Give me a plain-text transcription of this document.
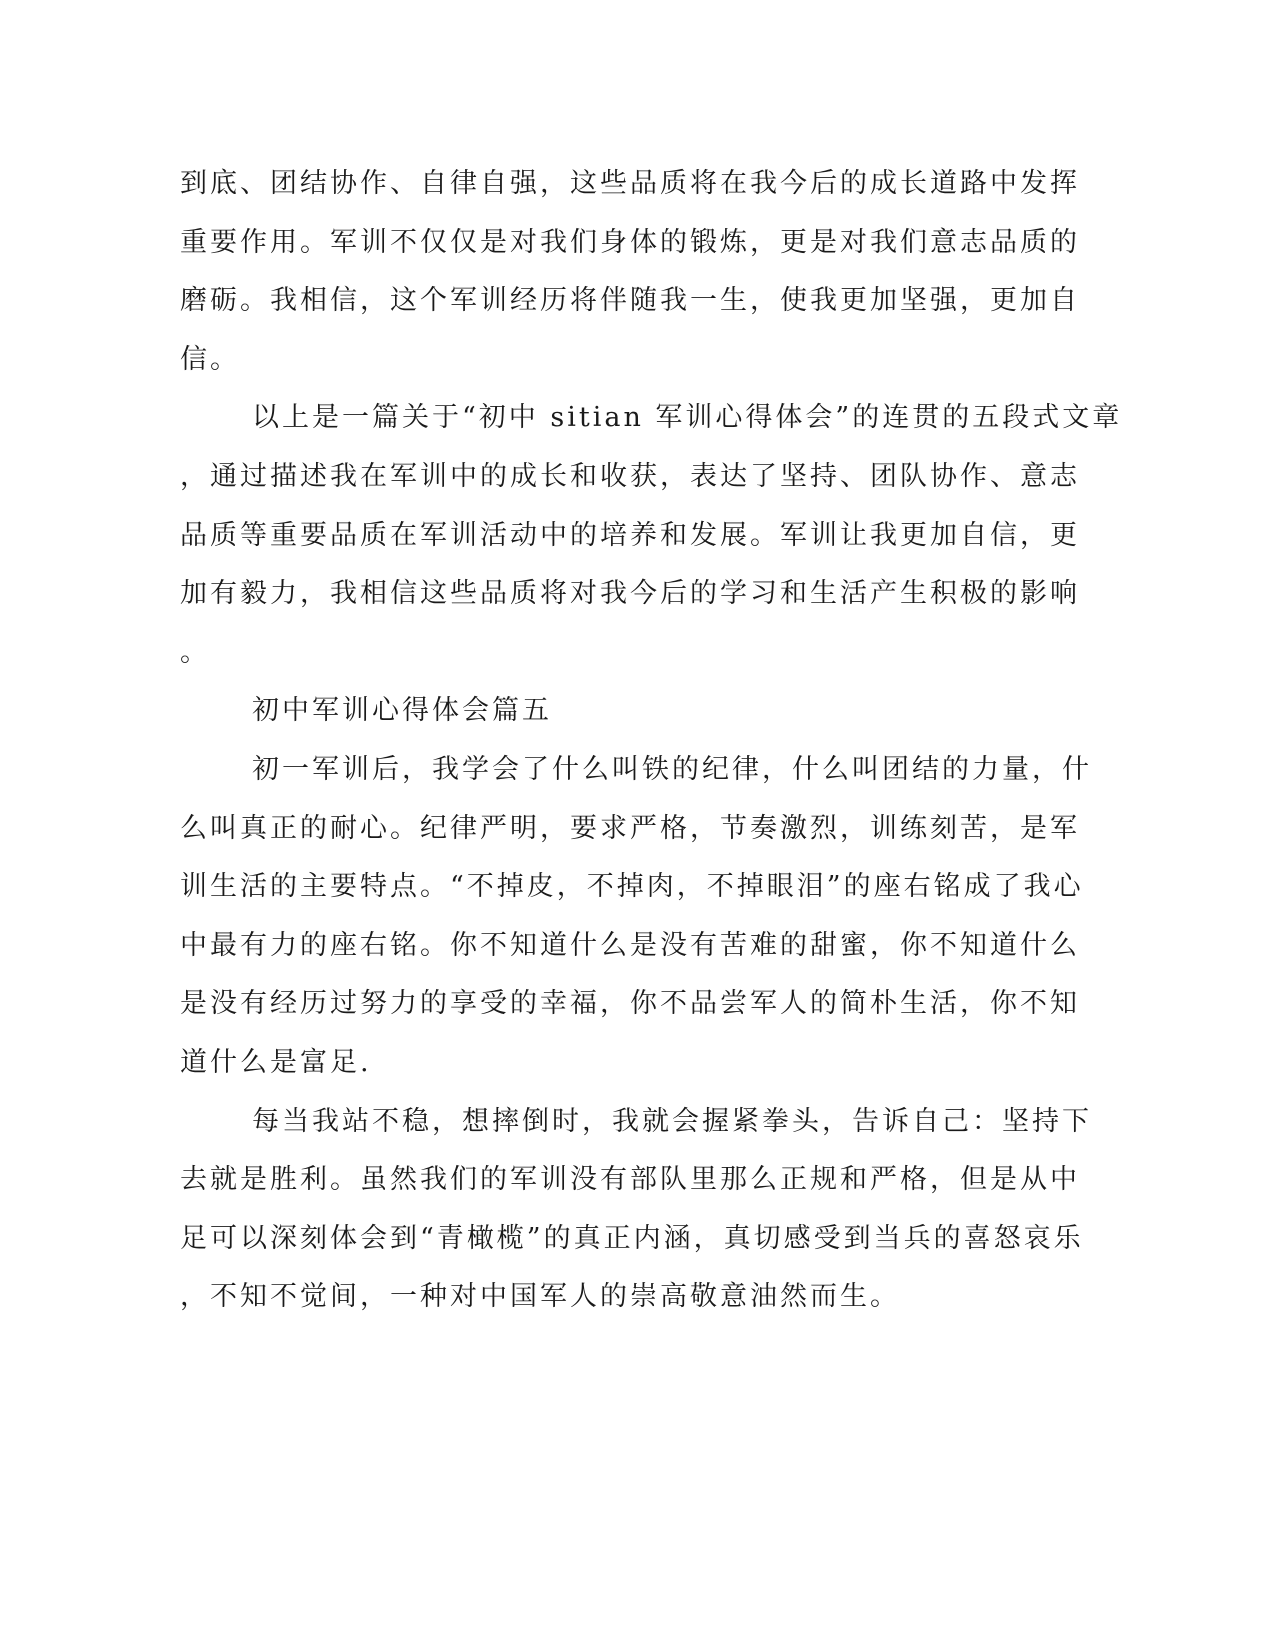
到底、团结协作、自律自强，这些品质将在我今后的成长道路中发挥
重要作用。军训不仅仅是对我们身体的锻炼，更是对我们意志品质的
磨砺。我相信，这个军训经历将伴随我一生，使我更加坚强，更加自
信。
以上是一篇关于“初中 sitian 军训心得体会”的连贯的五段式文章
，通过描述我在军训中的成长和收获，表达了坚持、团队协作、意志
品质等重要品质在军训活动中的培养和发展。军训让我更加自信，更
加有毅力，我相信这些品质将对我今后的学习和生活产生积极的影响
。
初中军训心得体会篇五
初一军训后，我学会了什么叫铁的纪律，什么叫团结的力量，什
么叫真正的耐心。纪律严明，要求严格，节奏激烈，训练刻苦，是军
训生活的主要特点。“不掉皮，不掉肉，不掉眼泪”的座右铭成了我心
中最有力的座右铭。你不知道什么是没有苦难的甜蜜，你不知道什么
是没有经历过努力的享受的幸福，你不品尝军人的简朴生活，你不知
道什么是富足.
每当我站不稳，想摔倒时，我就会握紧拳头，告诉自己：坚持下
去就是胜利。虽然我们的军训没有部队里那么正规和严格，但是从中
足可以深刻体会到“青橄榄”的真正内涵，真切感受到当兵的喜怒哀乐
，不知不觉间，一种对中国军人的崇高敬意油然而生。
